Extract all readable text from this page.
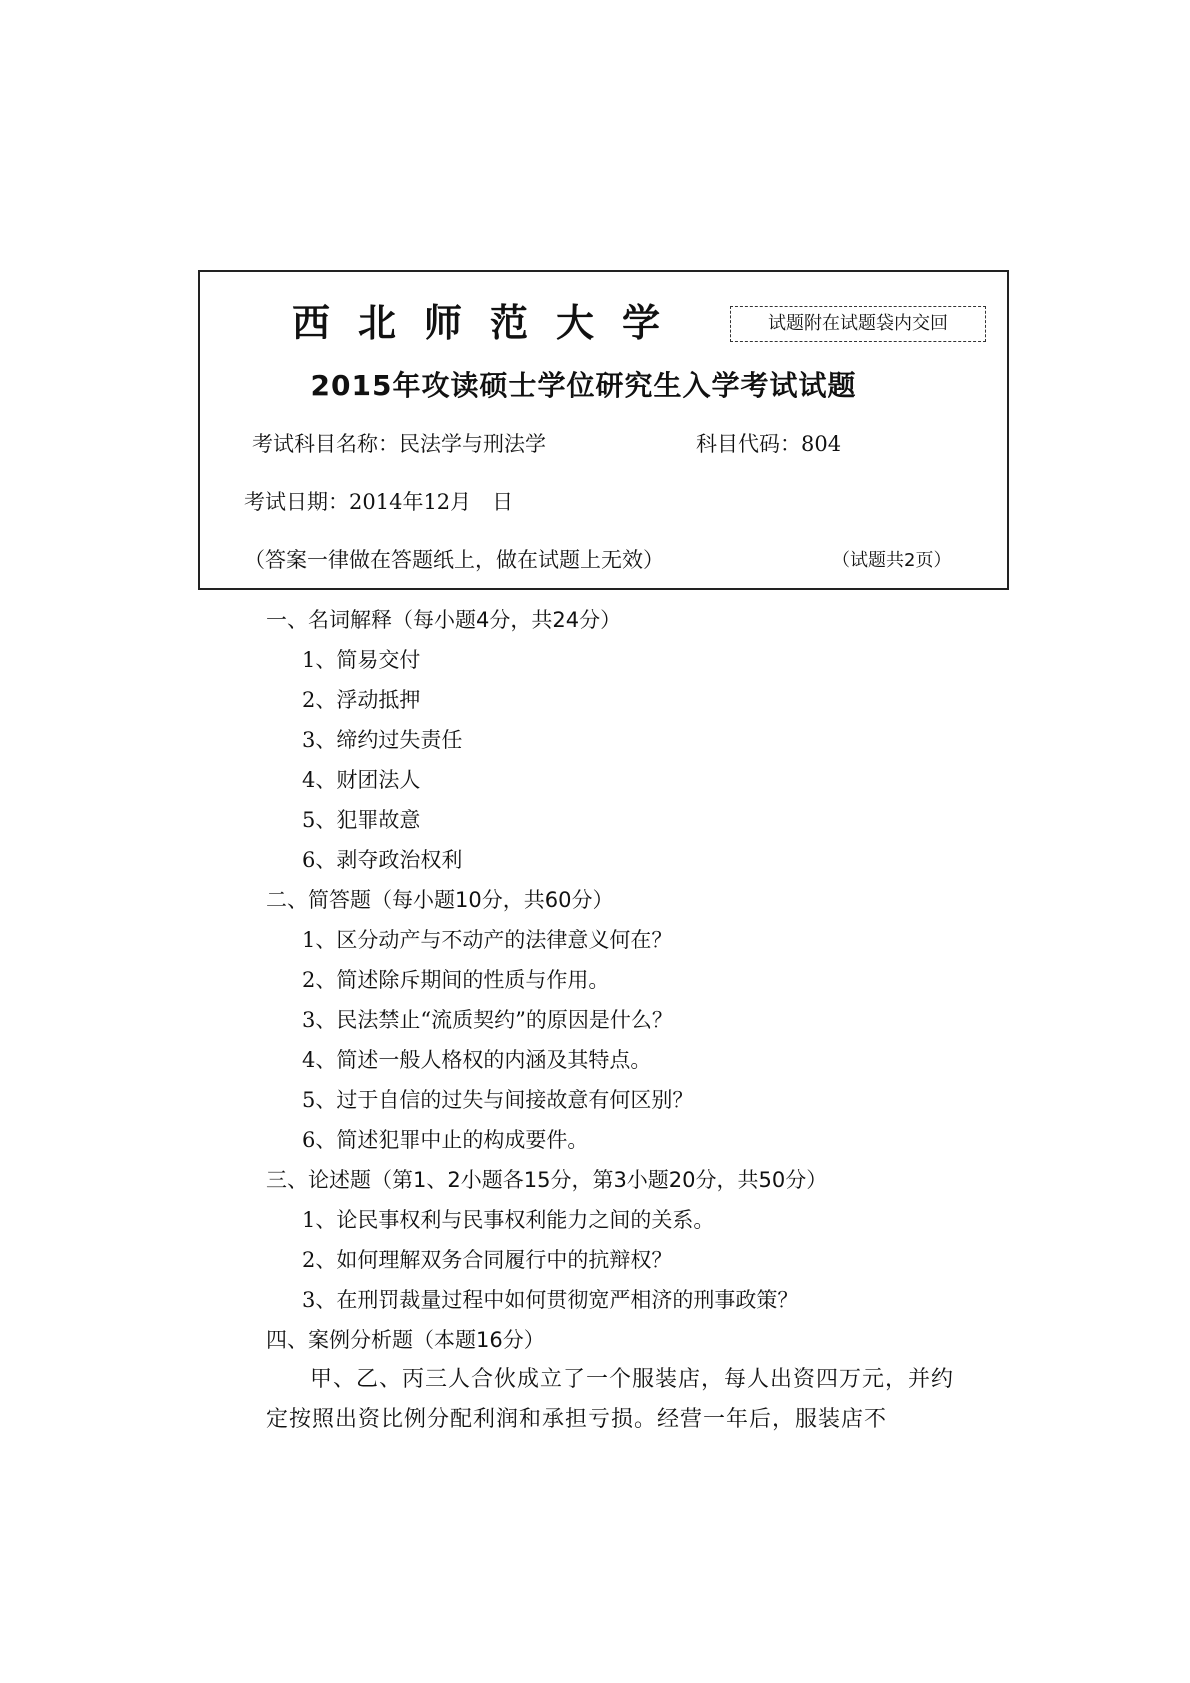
西北师范大学	试题附在试题袋内交回
2015年攻读硕士学位研究生入学考试试题
考试科目名称：民法学与刑法学	科目代码：804
考试日期：2014年12月　日
（答案一律做在答题纸上，做在试题上无效）	（试题共2页）
一、名词解释（每小题4分，共24分）
1、简易交付
2、浮动抵押
3、缔约过失责任
4、财团法人
5、犯罪故意
6、剥夺政治权利
二、简答题（每小题10分，共60分）
1、区分动产与不动产的法律意义何在？
2、简述除斥期间的性质与作用。
3、民法禁止“流质契约”的原因是什么？
4、简述一般人格权的内涵及其特点。
5、过于自信的过失与间接故意有何区别？
6、简述犯罪中止的构成要件。
三、论述题（第1、2小题各15分，第3小题20分，共50分）
1、论民事权利与民事权利能力之间的关系。
2、如何理解双务合同履行中的抗辩权？
3、在刑罚裁量过程中如何贯彻宽严相济的刑事政策？
四、案例分析题（本题16分）

甲、乙、丙三人合伙成立了一个服装店，每人出资四万元，并约定按照出资比例分配利润和承担亏损。经营一年后，服装店不
